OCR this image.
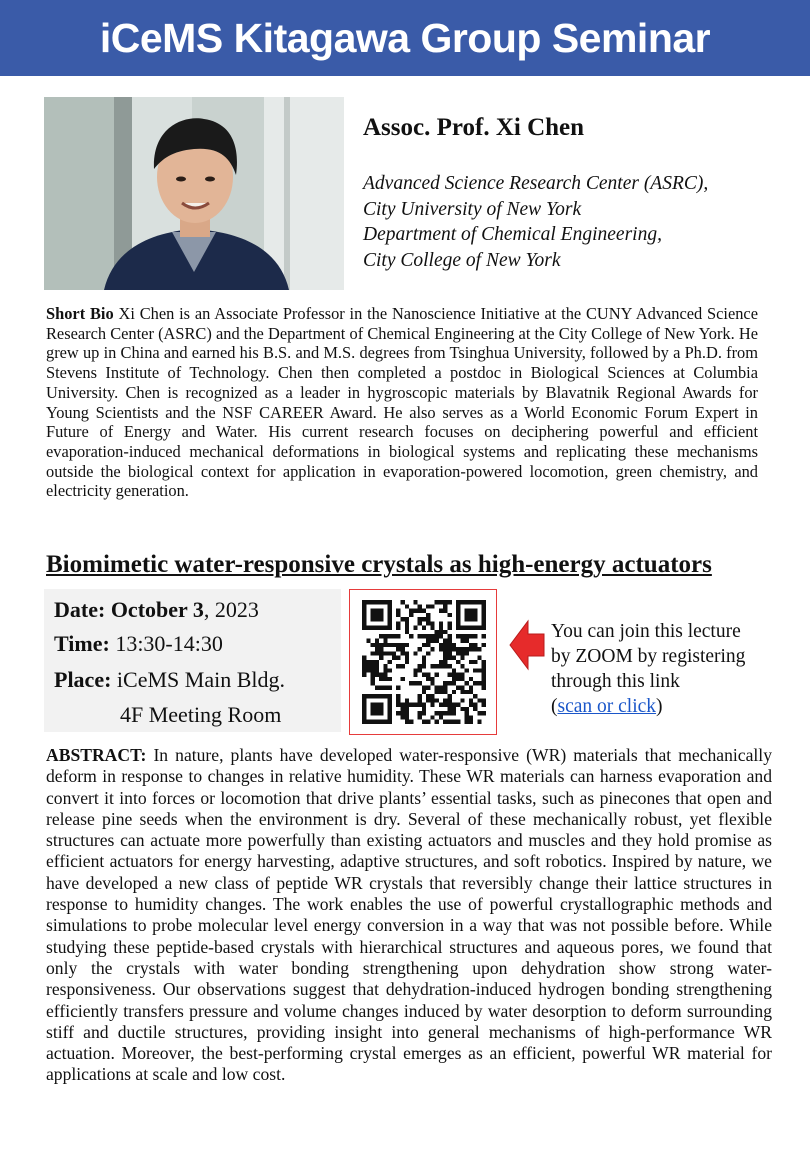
iCeMS Kitagawa Group Seminar
Assoc. Prof. Xi Chen
Advanced Science Research Center (ASRC),
City University of New York
Department of Chemical Engineering,
City College of New York

Short Bio Xi Chen is an Associate Professor in the Nanoscience Initiative at the CUNY Advanced Science Research Center (ASRC) and the Department of Chemical Engineering at the City College of New York. He grew up in China and earned his B.S. and M.S. degrees from Tsinghua University, followed by a Ph.D. from Stevens Institute of Technology. Chen then completed a postdoc in Biological Sciences at Columbia University. Chen is recognized as a leader in hygroscopic materials by Blavatnik Regional Awards for Young Scientists and the NSF CAREER Award. He also serves as a World Economic Forum Expert in Future of Energy and Water. His current research focuses on deciphering powerful and efficient evaporation-induced mechanical deformations in biological systems and replicating these mechanisms outside the biological context for application in evaporation-powered locomotion, green chemistry, and electricity generation.

Biomimetic water-responsive crystals as high-energy actuators
Date: October 3, 2023
Time: 13:30-14:30
Place: iCeMS Main Bldg.
4F Meeting Room
You can join this lecture
by ZOOM by registering
through this link
(scan or click)

ABSTRACT: In nature, plants have developed water-responsive (WR) materials that mechanically deform in response to changes in relative humidity. These WR materials can harness evaporation and convert it into forces or locomotion that drive plants’ essential tasks, such as pinecones that open and release pine seeds when the environment is dry. Several of these mechanically robust, yet flexible structures can actuate more powerfully than existing actuators and muscles and they hold promise as efficient actuators for energy harvesting, adaptive structures, and soft robotics. Inspired by nature, we have developed a new class of peptide WR crystals that reversibly change their lattice structures in response to humidity changes. The work enables the use of powerful crystallographic methods and simulations to probe molecular level energy conversion in a way that was not possible before. While studying these peptide-based crystals with hierarchical structures and aqueous pores, we found that only the crystals with water bonding strengthening upon dehydration show strong water-responsiveness. Our observations suggest that dehydration-induced hydrogen bonding strengthening efficiently transfers pressure and volume changes induced by water desorption to deform surrounding stiff and ductile structures, providing insight into general mechanisms of high-performance WR actuation. Moreover, the best-performing crystal emerges as an efficient, powerful WR material for applications at scale and low cost.
